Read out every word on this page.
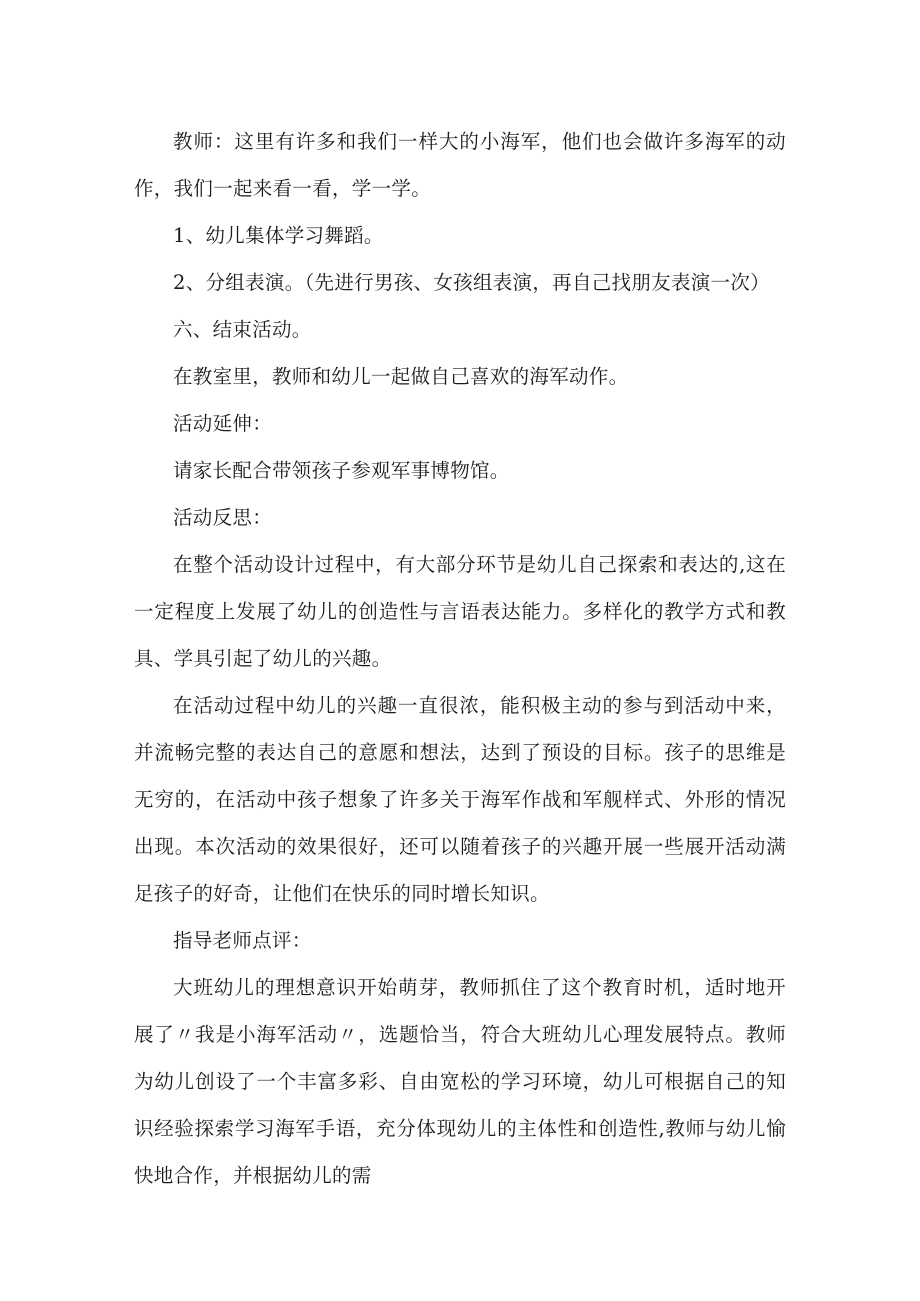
教师：这里有许多和我们一样大的小海军，他们也会做许多海军的动作，我们一起来看一看，学一学。

1、幼儿集体学习舞蹈。

2、分组表演。（先进行男孩、女孩组表演，再自己找朋友表演一次）

六、结束活动。

在教室里，教师和幼儿一起做自己喜欢的海军动作。

活动延伸：

请家长配合带领孩子参观军事博物馆。

活动反思：

在整个活动设计过程中，有大部分环节是幼儿自己探索和表达的,这在一定程度上发展了幼儿的创造性与言语表达能力。多样化的教学方式和教具、学具引起了幼儿的兴趣。

在活动过程中幼儿的兴趣一直很浓，能积极主动的参与到活动中来，并流畅完整的表达自己的意愿和想法，达到了预设的目标。孩子的思维是无穷的，在活动中孩子想象了许多关于海军作战和军舰样式、外形的情况出现。本次活动的效果很好，还可以随着孩子的兴趣开展一些展开活动满足孩子的好奇，让他们在快乐的同时增长知识。

指导老师点评：

大班幼儿的理想意识开始萌芽，教师抓住了这个教育时机，适时地开展了〃我是小海军活动〃，选题恰当，符合大班幼儿心理发展特点。教师为幼儿创设了一个丰富多彩、自由宽松的学习环境，幼儿可根据自己的知识经验探索学习海军手语，充分体现幼儿的主体性和创造性,教师与幼儿愉快地合作，并根据幼儿的需
